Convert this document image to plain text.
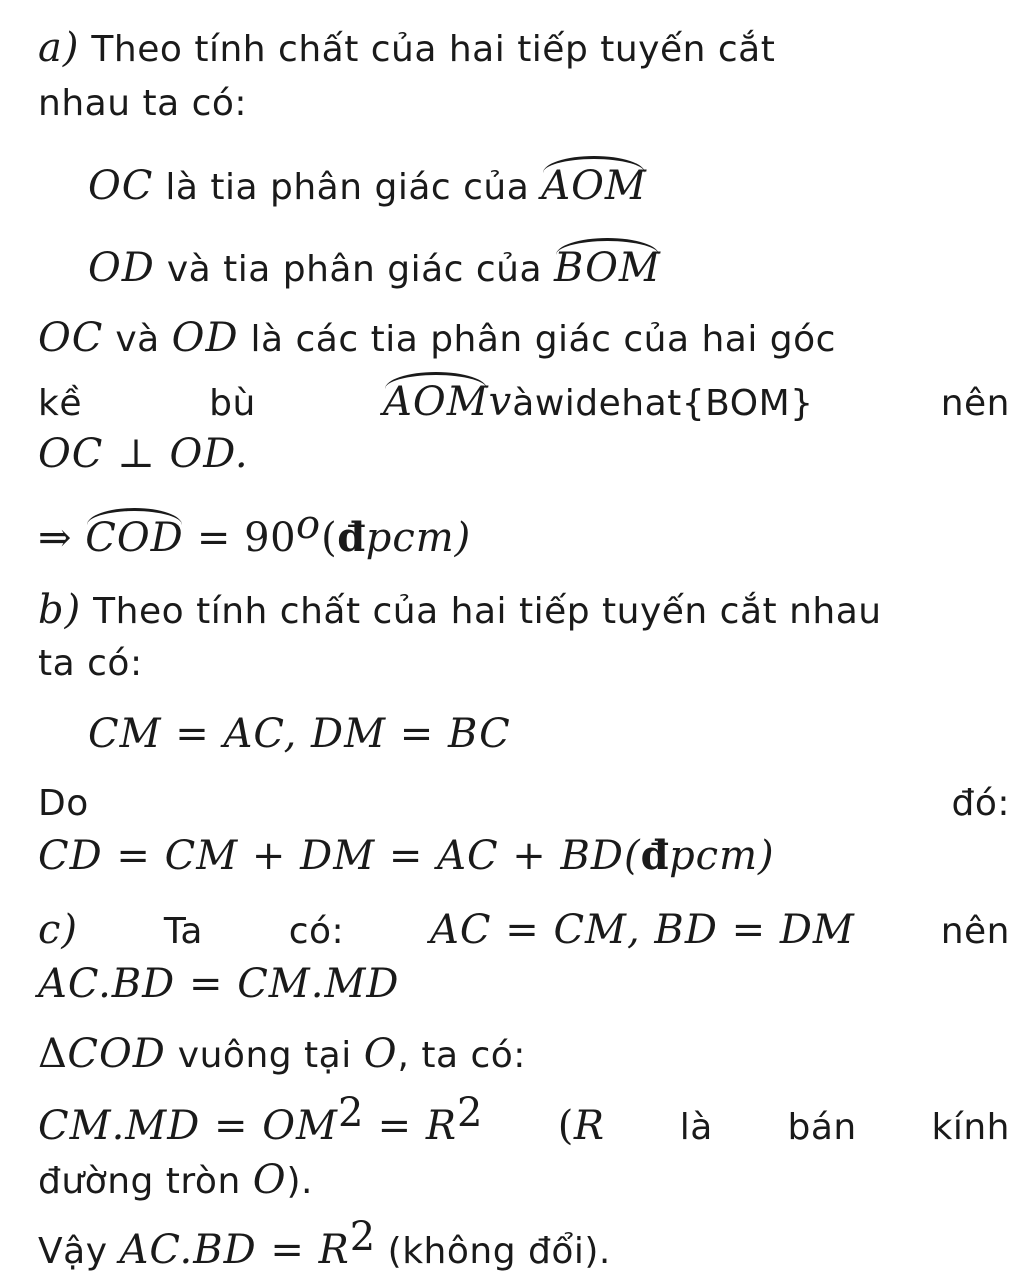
a) Theo tính chất của hai tiếp tuyến cắt
nhau ta có:
OC là tia phân giác của AOM
OD và tia phân giác của BOM
OC và OD là các tia phân giác của hai góc
kề	bù	AOMvàwidehat{BOM}	nên
OC ⊥ OD.
⇒ COD = $90^o(đpcm)$
b) Theo tính chất của hai tiếp tuyến cắt nhau
ta có:
CM = AC, DM = BC
Do	đó:
CD = CM + DM = AC + BD(đpcm)
c) Ta có: AC = CM, BD = DM nên
AC.BD = CM.MD
ΔCOD vuông tại O, ta có:
$CM.MD = OM^2 = R^2$ (R là bán kính
đường tròn O).
Vậy $AC.BD = R^2$ (không đổi).
